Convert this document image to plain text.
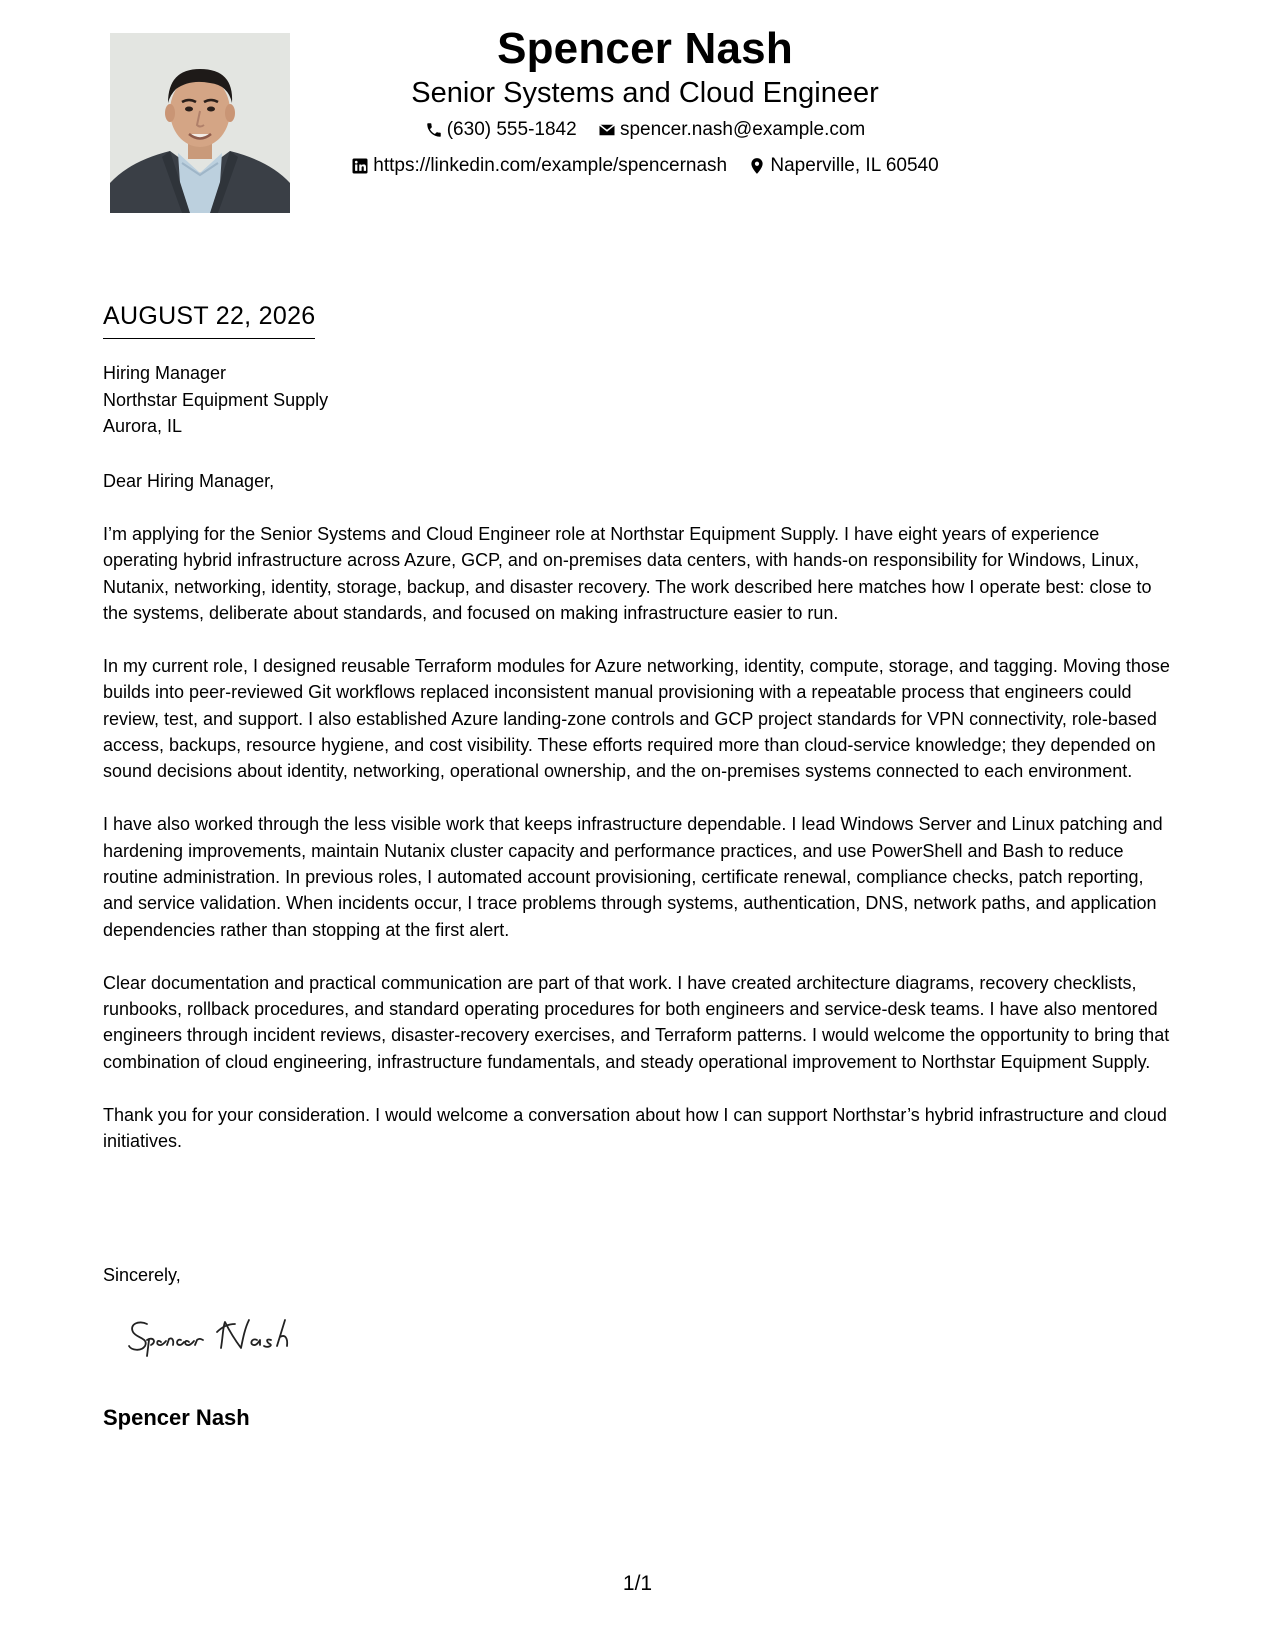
Spencer Nash
Senior Systems and Cloud Engineer
(630) 555-1842
spencer.nash@example.com
https://linkedin.com/example/spencernash
Naperville, IL 60540
AUGUST 22, 2026
Hiring Manager
Northstar Equipment Supply
Aurora, IL

Dear Hiring Manager,

I’m applying for the Senior Systems and Cloud Engineer role at Northstar Equipment Supply. I have eight years of experience operating hybrid infrastructure across Azure, GCP, and on-premises data centers, with hands-on responsibility for Windows, Linux, Nutanix, networking, identity, storage, backup, and disaster recovery. The work described here matches how I operate best: close to the systems, deliberate about standards, and focused on making infrastructure easier to run.

In my current role, I designed reusable Terraform modules for Azure networking, identity, compute, storage, and tagging. Moving those builds into peer-reviewed Git workflows replaced inconsistent manual provisioning with a repeatable process that engineers could review, test, and support. I also established Azure landing-zone controls and GCP project standards for VPN connectivity, role-based access, backups, resource hygiene, and cost visibility. These efforts required more than cloud-service knowledge; they depended on sound decisions about identity, networking, operational ownership, and the on-premises systems connected to each environment.

I have also worked through the less visible work that keeps infrastructure dependable. I lead Windows Server and Linux patching and hardening improvements, maintain Nutanix cluster capacity and performance practices, and use PowerShell and Bash to reduce routine administration. In previous roles, I automated account provisioning, certificate renewal, compliance checks, patch reporting, and service validation. When incidents occur, I trace problems through systems, authentication, DNS, network paths, and application dependencies rather than stopping at the first alert.

Clear documentation and practical communication are part of that work. I have created architecture diagrams, recovery checklists, runbooks, rollback procedures, and standard operating procedures for both engineers and service-desk teams. I have also mentored engineers through incident reviews, disaster-recovery exercises, and Terraform patterns. I would welcome the opportunity to bring that combination of cloud engineering, infrastructure fundamentals, and steady operational improvement to Northstar Equipment Supply.

Thank you for your consideration. I would welcome a conversation about how I can support Northstar’s hybrid infrastructure and cloud initiatives.

Sincerely,
Spencer Nash
1/1
